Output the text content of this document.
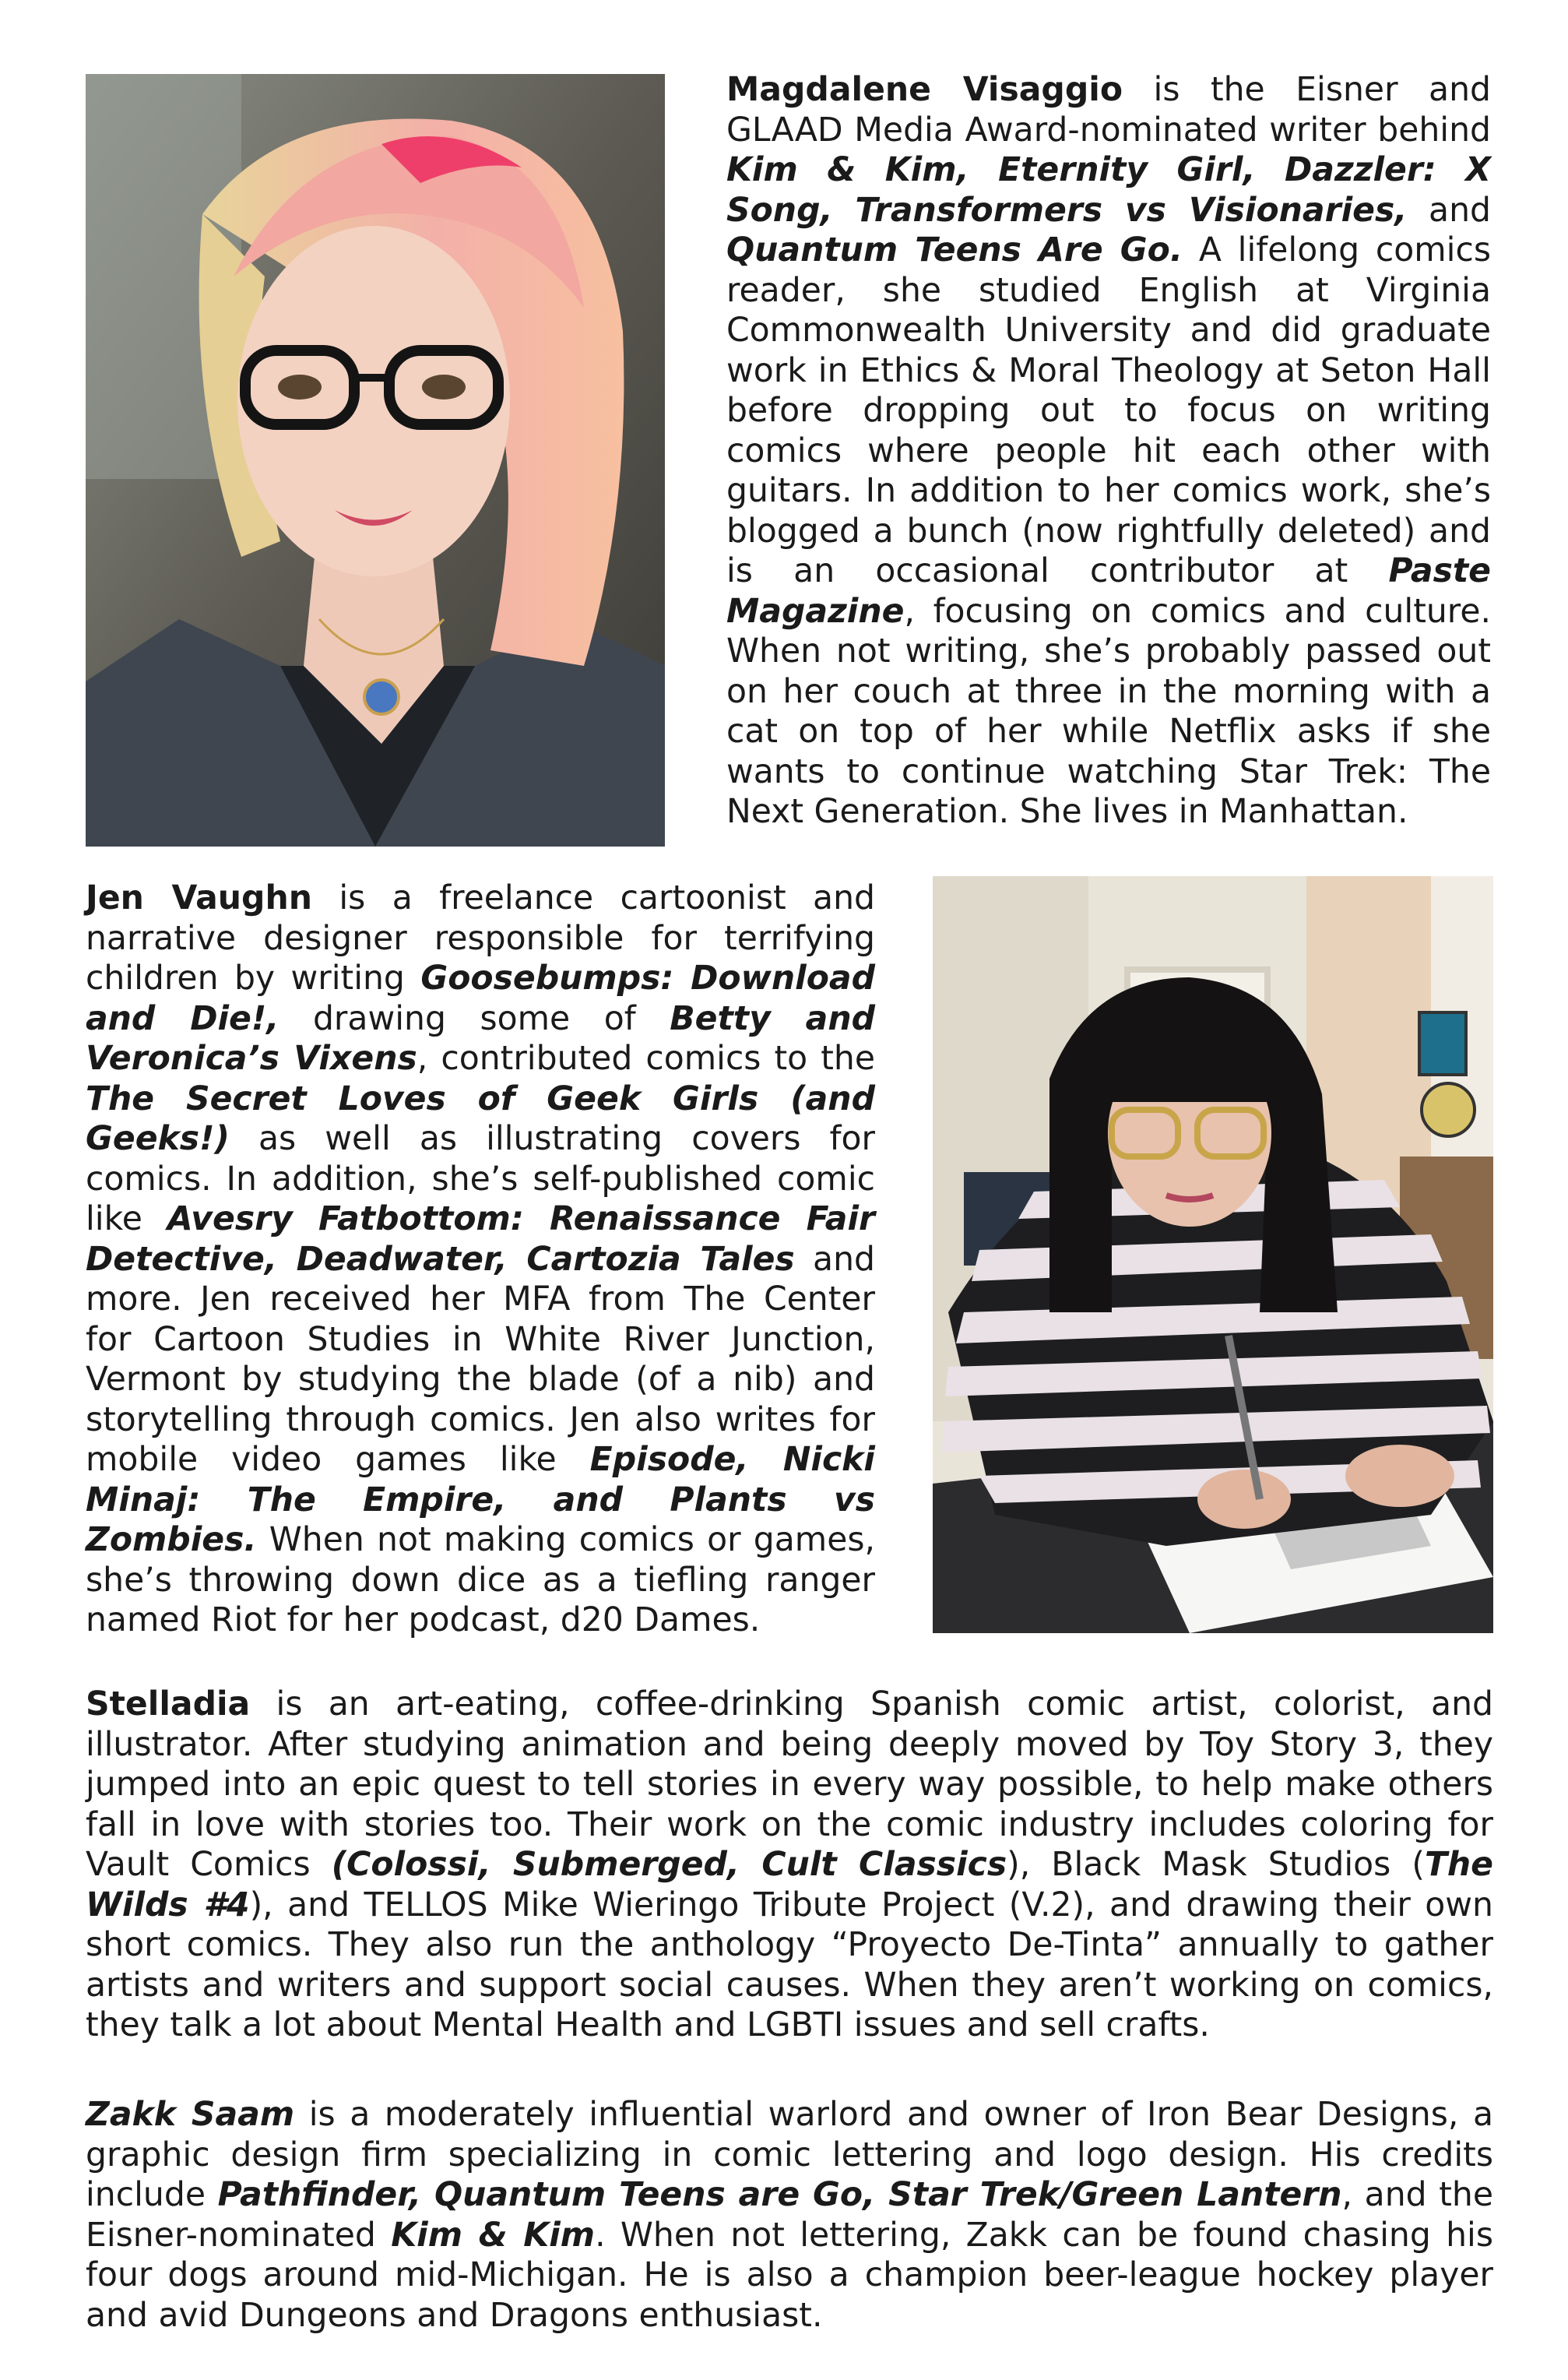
Magdalene Visaggio is the Eisner and GLAAD Media Award-nominated writer behind Kim & Kim, Eternity Girl, Dazzler: X Song, Transformers vs Visionaries, and Quantum Teens Are Go. A lifelong comics reader, she studied English at Virginia Commonwealth University and did graduate work in Ethics & Moral Theology at Seton Hall before dropping out to focus on writing comics where people hit each other with guitars. In addition to her comics work, she’s blogged a bunch (now rightfully deleted) and is an occasional contributor at Paste Magazine, focusing on comics and culture. When not writing, she’s probably passed out on her couch at three in the morning with a cat on top of her while Netflix asks if she wants to continue watching Star Trek: The Next Generation. She lives in Manhattan.

Jen Vaughn is a freelance cartoonist and narrative designer responsible for terrifying children by writing Goosebumps: Download and Die!, drawing some of Betty and Veronica’s Vixens, contributed comics to the The Secret Loves of Geek Girls (and Geeks!) as well as illustrating covers for comics. In addition, she’s self-published comic like Avesry Fatbottom: Renaissance Fair Detective, Deadwater, Cartozia Tales and more. Jen received her MFA from The Center for Cartoon Studies in White River Junction, Vermont by studying the blade (of a nib) and storytelling through comics. Jen also writes for mobile video games like Episode, Nicki Minaj: The Empire, and Plants vs Zombies. When not making comics or games, she’s throwing down dice as a tiefling ranger named Riot for her podcast, d20 Dames.

Stelladia is an art-eating, coffee-drinking Spanish comic artist, colorist, and illustrator. After studying animation and being deeply moved by Toy Story 3, they jumped into an epic quest to tell stories in every way possible, to help make others fall in love with stories too. Their work on the comic industry includes coloring for Vault Comics (Colossi, Submerged, Cult Classics), Black Mask Studios (The Wilds #4), and TELLOS Mike Wieringo Tribute Project (V.2), and drawing their own short comics. They also run the anthology “Proyecto De-Tinta” annually to gather artists and writers and support social causes. When they aren’t working on comics, they talk a lot about Mental Health and LGBTI issues and sell crafts.

Zakk Saam is a moderately influential warlord and owner of Iron Bear Designs, a graphic design firm specializing in comic lettering and logo design. His credits include Pathfinder, Quantum Teens are Go, Star Trek/Green Lantern, and the Eisner-nominated Kim & Kim. When not lettering, Zakk can be found chasing his four dogs around mid-Michigan. He is also a champion beer-league hockey player and avid Dungeons and Dragons enthusiast.
